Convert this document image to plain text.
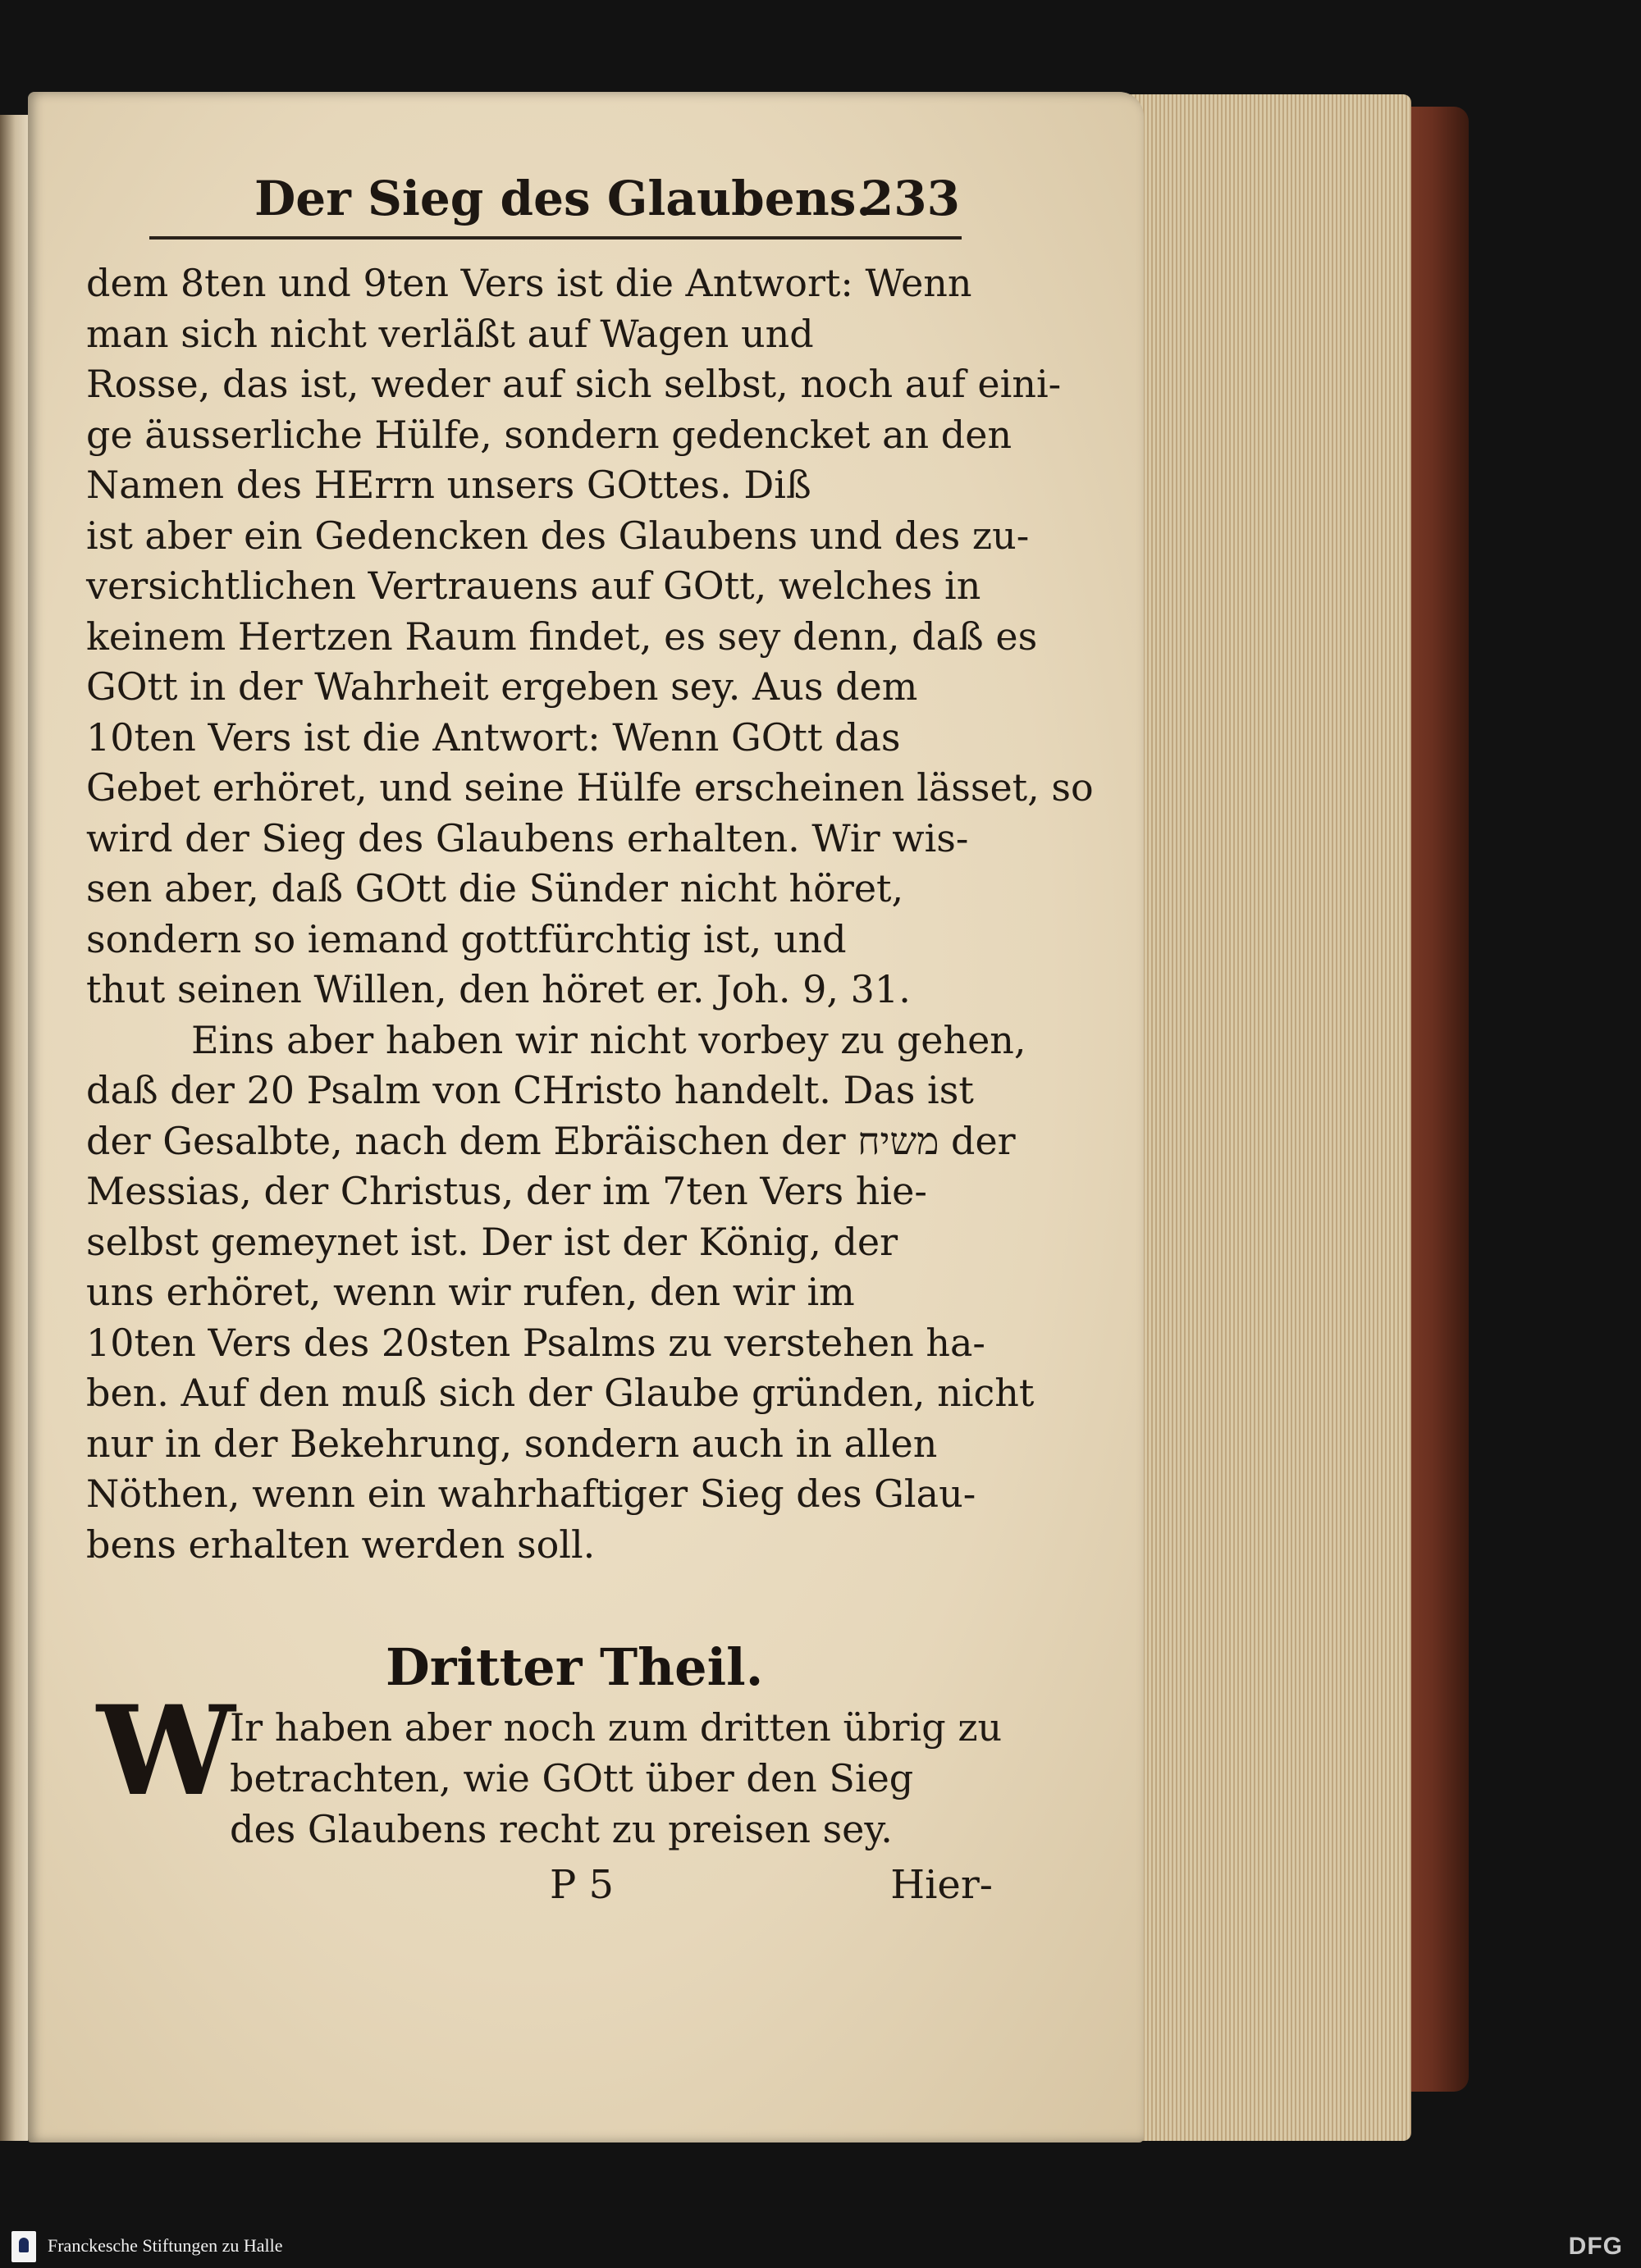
Der Sieg des Glaubens.
233
dem 8ten und 9ten Vers ist die Antwort: Wenn
man sich nicht verläßt auf Wagen und
Rosse, das ist, weder auf sich selbst, noch auf eini-
ge äusserliche Hülfe, sondern gedencket an den
Namen des HErrn unsers GOttes. Diß
ist aber ein Gedencken des Glaubens und des zu-
versichtlichen Vertrauens auf GOtt, welches in
keinem Hertzen Raum findet, es sey denn, daß es
GOtt in der Wahrheit ergeben sey. Aus dem
10ten Vers ist die Antwort: Wenn GOtt das
Gebet erhöret, und seine Hülfe erscheinen lässet, so
wird der Sieg des Glaubens erhalten. Wir wis-
sen aber, daß GOtt die Sünder nicht höret,
sondern so iemand gottfürchtig ist, und
thut seinen Willen, den höret er. Joh. 9, 31.
Eins aber haben wir nicht vorbey zu gehen,
daß der 20 Psalm von CHristo handelt. Das ist
der Gesalbte, nach dem Ebräischen der משיח der
Messias, der Christus, der im 7ten Vers hie-
selbst gemeynet ist. Der ist der König, der
uns erhöret, wenn wir rufen, den wir im
10ten Vers des 20sten Psalms zu verstehen ha-
ben. Auf den muß sich der Glaube gründen, nicht
nur in der Bekehrung, sondern auch in allen
Nöthen, wenn ein wahrhaftiger Sieg des Glau-
bens erhalten werden soll.
Dritter Theil.
W
Ir haben aber noch zum dritten übrig zu
betrachten, wie GOtt über den Sieg
des Glaubens recht zu preisen sey.
P 5	Hier-
Franckesche Stiftungen zu Halle	DFG
